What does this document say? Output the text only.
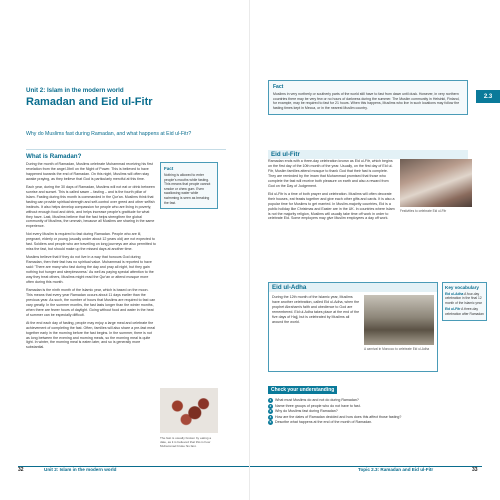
Unit 2: Islam in the modern world
Ramadan and Eid ul-Fitr
Why do Muslims fast during Ramadan, and what happens at Eid ul-Fitr?
What is Ramadan?

During the month of Ramadan, Muslims celebrate Muhammad receiving his first revelation from the angel Jibril on the Night of Power. This is believed to have happened towards the end of Ramadan. On this night, Muslims will often stay awake praying, as they believe that God is particularly merciful at this time.

Each year, during the 30 days of Ramadan, Muslims will not eat or drink between sunrise and sunset. This is called sawm – fasting – and is the fourth pillar of Islam. Fasting during this month is commanded in the Qur'an. Muslims think that fasting can provide spiritual strength and self-control over greed and other selfish instincts. It also helps develop compassion for people who are living in poverty, without enough food and drink, and helps increase people's gratitude for what they have. Last, Muslims believe that the fast helps strengthen the global community of Muslims, the ummah, because all Muslims are sharing in the same experience.

Not every Muslim is required to fast during Ramadan. People who are ill, pregnant, elderly or young (usually under about 12 years old) are not expected to fast. Soldiers and people who are travelling on long journeys are also permitted to miss the fast, but should make up the missed days at another time.

Muslims believe that if they do not live in a way that honours God during Ramadan, then their fast has no spiritual value. Muhammad is reported to have said: 'There are many who fast during the day and pray all night, but they gain nothing but hunger and sleeplessness.' As well as paying special attention to the way they treat others, Muslims might read the Qur'an or attend mosque more often during this month.

Ramadan is the ninth month of the Islamic year, which is based on the moon. This means that every year Ramadan occurs about 11 days earlier than the previous year. As such, the number of hours that Muslims are required to fast can vary greatly. In the summer months, the fast lasts longer than the winter months, when there are fewer hours of daylight. Going without food and water in the heat of summer can be especially difficult.

At the end each day of fasting, people may enjoy a large meal and celebrate the achievement of completing the fast. Often, families will also share a pre-fast meal together early in the morning before the fast begins. In the summer, there is not as long between the evening and morning meals, so the morning meal is quite light. In winter, the morning meal is eaten later, and so is generally more substantial.

Fact

Nothing is allowed to enter people's mouths while fasting. This means that people cannot smoke or chew gum. Even swallowing water while swimming is seen as breaking the fast.

The fast is usually broken by eating a date, as it is believed that this is how Muhammad broke his fast.
32	Unit 2: Islam in the modern world
Fact

Muslims in very northerly or southerly parts of the world still have to fast from dawn until dusk. However, in very northern countries there may be very few or no hours of darkness during the summer. The Muslim community in Helsinki, Finland, for example, may be required to fast for 21 hours. When this happens, Muslims who live in such locations may follow the fasting times kept in Mecca, or in the nearest Muslim country.

2.3
Eid ul-Fitr

Ramadan ends with a three-day celebration known as Eid ul-Fitr, which begins on the first day of the 10th month of the year. Usually, on the first day of Eid ul-Fitr, Muslim families attend mosque to thank God that their fast is complete. They are reminded by the imam that Muhammad promised that those who complete the fast will receive both pleasure on earth and also a reward from God on the Day of Judgement.

Eid ul-Fitr is a time of both prayer and celebration. Muslims will often decorate their houses, eat feasts together and give each other gifts and cards. It is also a popular time for Muslims to get married. In Muslim-majority countries, Eid is a public holiday like Christmas and Easter are in the UK. In countries where Islam is not the majority religion, Muslims will usually take time off work in order to celebrate Eid. Some employers may give Muslim employees a day off work.

Festivities to celebrate Eid ul-Fitr
Eid ul-Adha

During the 12th month of the Islamic year, Muslims have another celebration, called Eid ul-Adha, when the prophet Abraham's faith and obedience to God are remembered. Eid ul-Adha takes place at the end of the five days of Hajj, but is celebrated by Muslims all around the world.

A carnival in Morocco to celebrate Eid ul-Adha
Key vocabulary

Eid ul-Adha A four-day celebration in the final 12 month of the Islamic year

Eid ul-Fitr A three-day celebration after Ramadan

Check your understanding
1	What must Muslims do and not do during Ramadan?
2	Name three groups of people who do not have to fast.
3	Why do Muslims fast during Ramadan?
4	How are the dates of Ramadan decided and how does this affect those fasting?
5	Describe what happens at the end of the month of Ramadan.
Topic 2.3: Ramadan and Eid ul-Fitr	33
